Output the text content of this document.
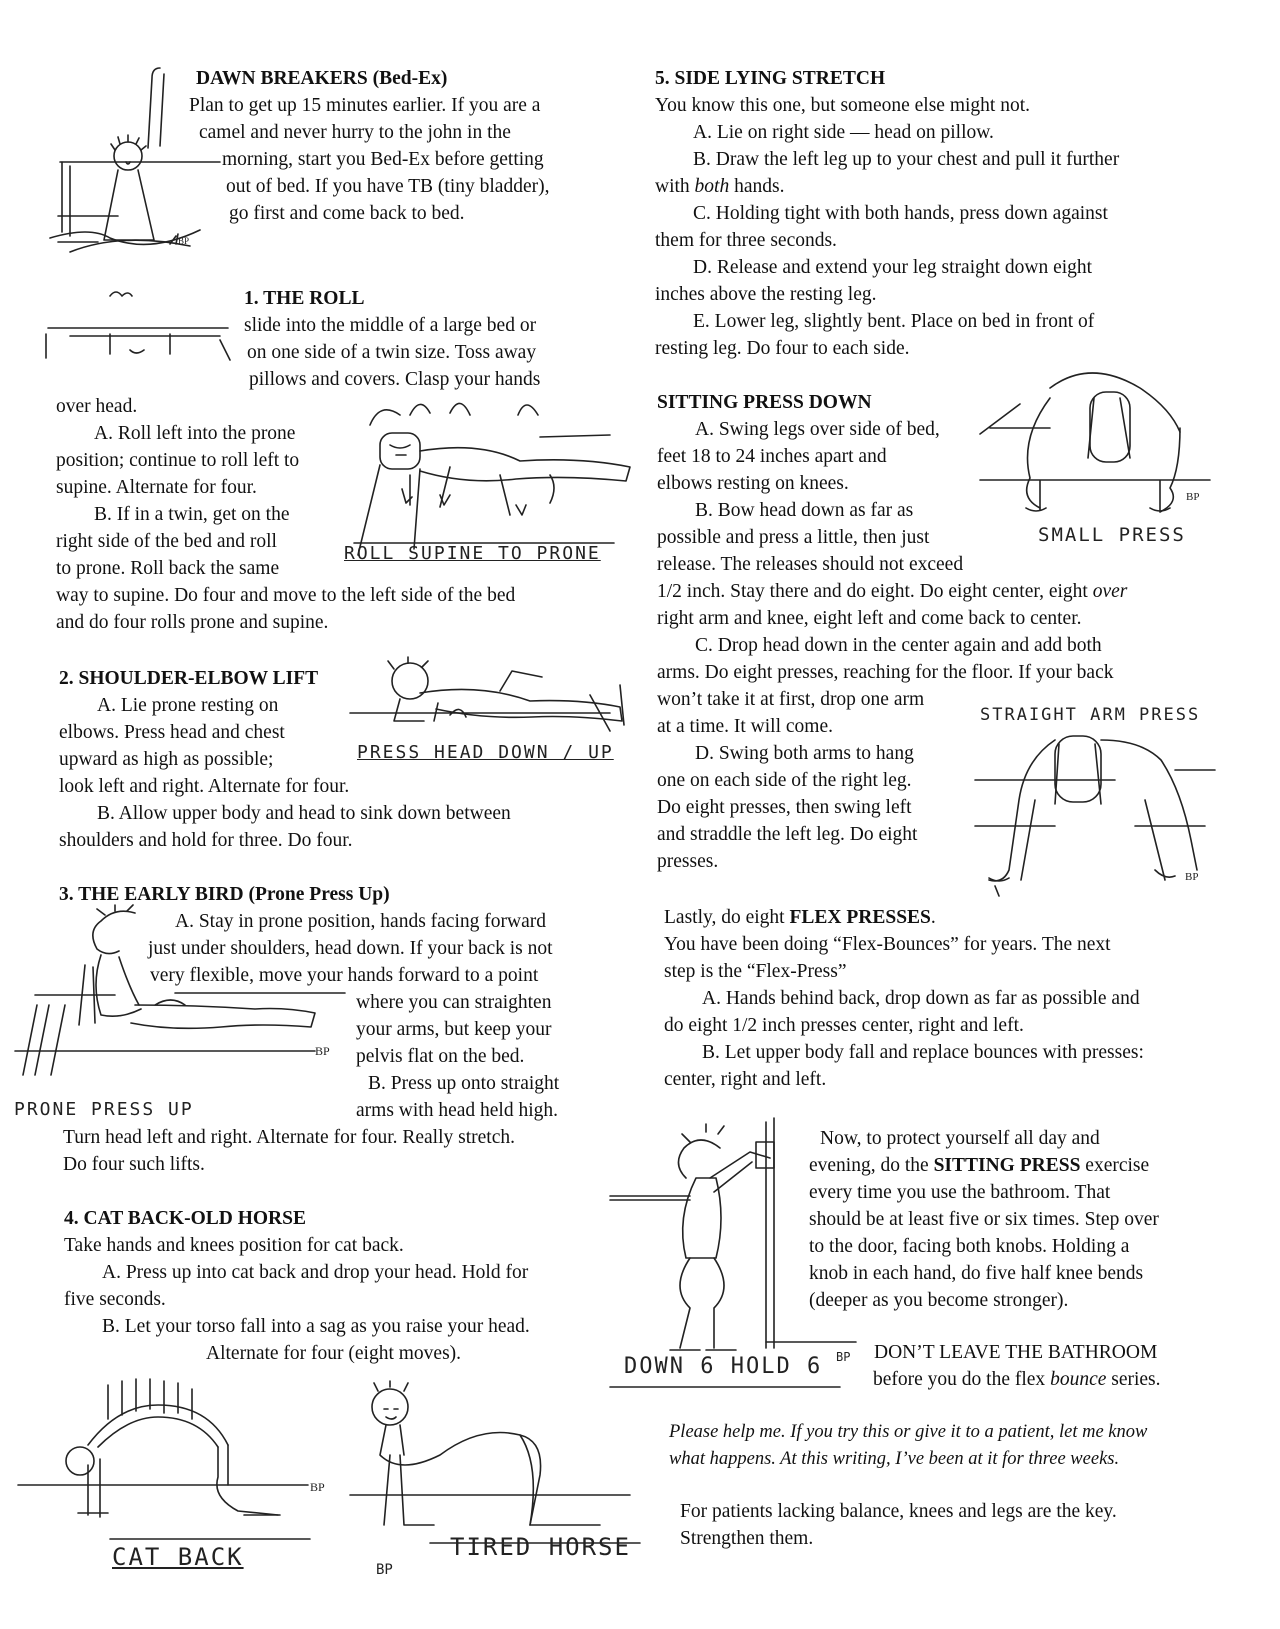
BP
DAWN BREAKERS (Bed-Ex)
Plan to get up 15 minutes earlier. If you are a
camel and never hurry to the john in the
morning, start you Bed-Ex before getting
out of bed. If you have TB (tiny bladder),
go first and come back to bed.
1. THE ROLL
slide into the middle of a large bed or
on one side of a twin size. Toss away
pillows and covers. Clasp your hands
over head.
A. Roll left into the prone
position; continue to roll left to
supine. Alternate for four.
B. If in a twin, get on the
right side of the bed and roll
to prone. Roll back the same
way to supine. Do four and move to the left side of the bed
and do four rolls prone and supine.
ROLL SUPINE TO PRONE
2. SHOULDER-ELBOW LIFT
A. Lie prone resting on
elbows. Press head and chest
upward as high as possible;
look left and right. Alternate for four.
B. Allow upper body and head to sink down between
shoulders and hold for three. Do four.
PRESS HEAD DOWN / UP
3. THE EARLY BIRD (Prone Press Up)
A. Stay in prone position, hands facing forward
just under shoulders, head down. If your back is not
very flexible, move your hands forward to a point
where you can straighten
your arms, but keep your
pelvis flat on the bed.
B. Press up onto straight
arms with head held high.
Turn head left and right. Alternate for four. Really stretch.
Do four such lifts.
BP
PRONE PRESS UP
4. CAT BACK-OLD HORSE
Take hands and knees position for cat back.
A. Press up into cat back and drop your head. Hold for
five seconds.
B. Let your torso fall into a sag as you raise your head.
Alternate for four (eight moves).
BP
CAT BACK	TIRED HORSE
BP
5. SIDE LYING STRETCH
You know this one, but someone else might not.
A. Lie on right side — head on pillow.
B. Draw the left leg up to your chest and pull it further
with both hands.
C. Holding tight with both hands, press down against
them for three seconds.
D. Release and extend your leg straight down eight
inches above the resting leg.
E. Lower leg, slightly bent. Place on bed in front of
resting leg. Do four to each side.
SITTING PRESS DOWN
A. Swing legs over side of bed,
feet 18 to 24 inches apart and
elbows resting on knees.
B. Bow head down as far as
possible and press a little, then just
release. The releases should not exceed
1/2 inch. Stay there and do eight. Do eight center, eight over
right arm and knee, eight left and come back to center.
C. Drop head down in the center again and add both
arms. Do eight presses, reaching for the floor. If your back
won’t take it at first, drop one arm
at a time. It will come.
D. Swing both arms to hang
one on each side of the right leg.
Do eight presses, then swing left
and straddle the left leg. Do eight
presses.
BP
SMALL PRESS
STRAIGHT ARM PRESS
BP
Lastly, do eight FLEX PRESSES.
You have been doing “Flex-Bounces” for years. The next
step is the “Flex-Press”
A. Hands behind back, drop down as far as possible and
do eight 1/2 inch presses center, right and left.
B. Let upper body fall and replace bounces with presses:
center, right and left.
Now, to protect yourself all day and
evening, do the SITTING PRESS exercise
every time you use the bathroom. That
should be at least five or six times. Step over
to the door, facing both knobs. Holding a
knob in each hand, do five half knee bends
(deeper as you become stronger).
DOWN 6 HOLD 6 BP DON’T LEAVE THE BATHROOM
before you do the flex bounce series.
Please help me. If you try this or give it to a patient, let me know
what happens. At this writing, I’ve been at it for three weeks.
For patients lacking balance, knees and legs are the key.
Strengthen them.
